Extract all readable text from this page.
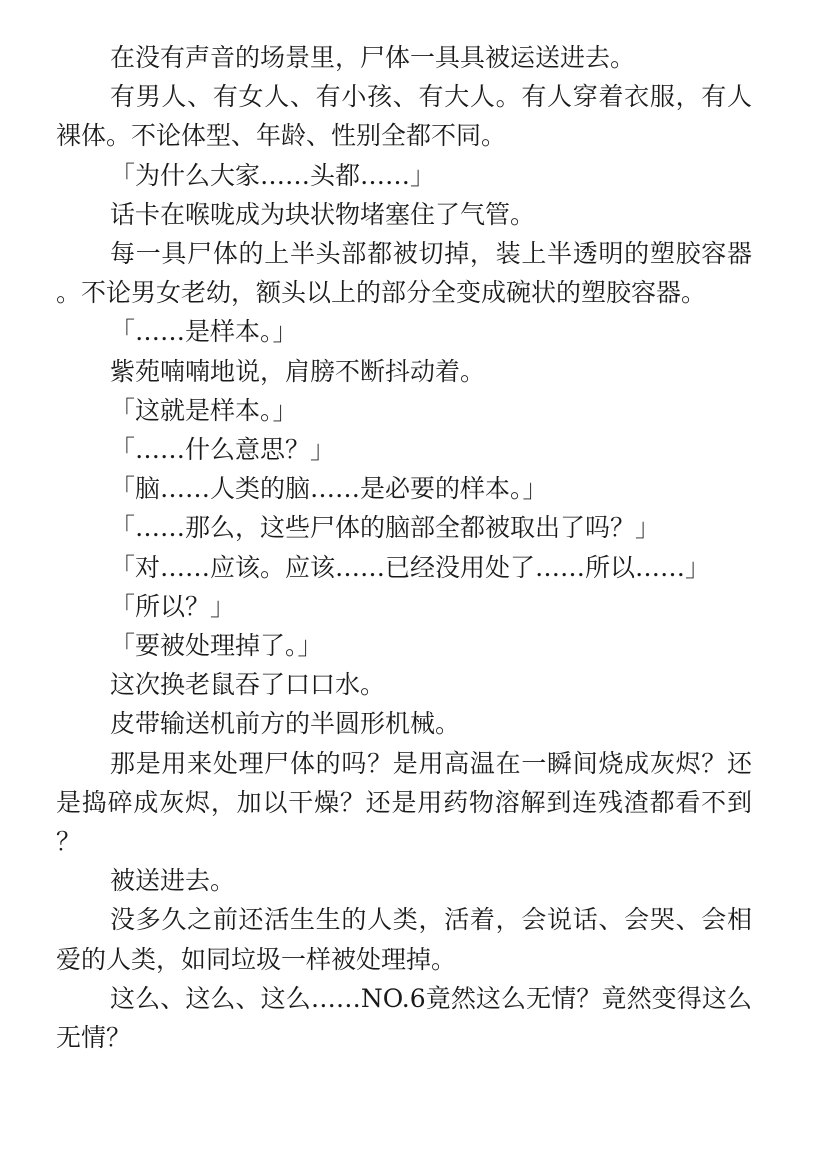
在没有声音的场景里，尸体一具具被运送进去。

有男人、有女人、有小孩、有大人。有人穿着衣服，有人裸体。不论体型、年龄、性别全都不同。

「为什么大家……头都……」

话卡在喉咙成为块状物堵塞住了气管。

每一具尸体的上半头部都被切掉，装上半透明的塑胶容器。不论男女老幼，额头以上的部分全变成碗状的塑胶容器。

「……是样本。」

紫苑喃喃地说，肩膀不断抖动着。

「这就是样本。」

「……什么意思？」

「脑……人类的脑……是必要的样本。」

「……那么，这些尸体的脑部全都被取出了吗？」

「对……应该。应该……已经没用处了……所以……」

「所以？」

「要被处理掉了。」

这次换老鼠吞了口口水。

皮带输送机前方的半圆形机械。

那是用来处理尸体的吗？是用高温在一瞬间烧成灰烬？还是捣碎成灰烬，加以干燥？还是用药物溶解到连残渣都看不到？

被送进去。

没多久之前还活生生的人类，活着，会说话、会哭、会相爱的人类，如同垃圾一样被处理掉。

这么、这么、这么……NO.6竟然这么无情？竟然变得这么无情？
